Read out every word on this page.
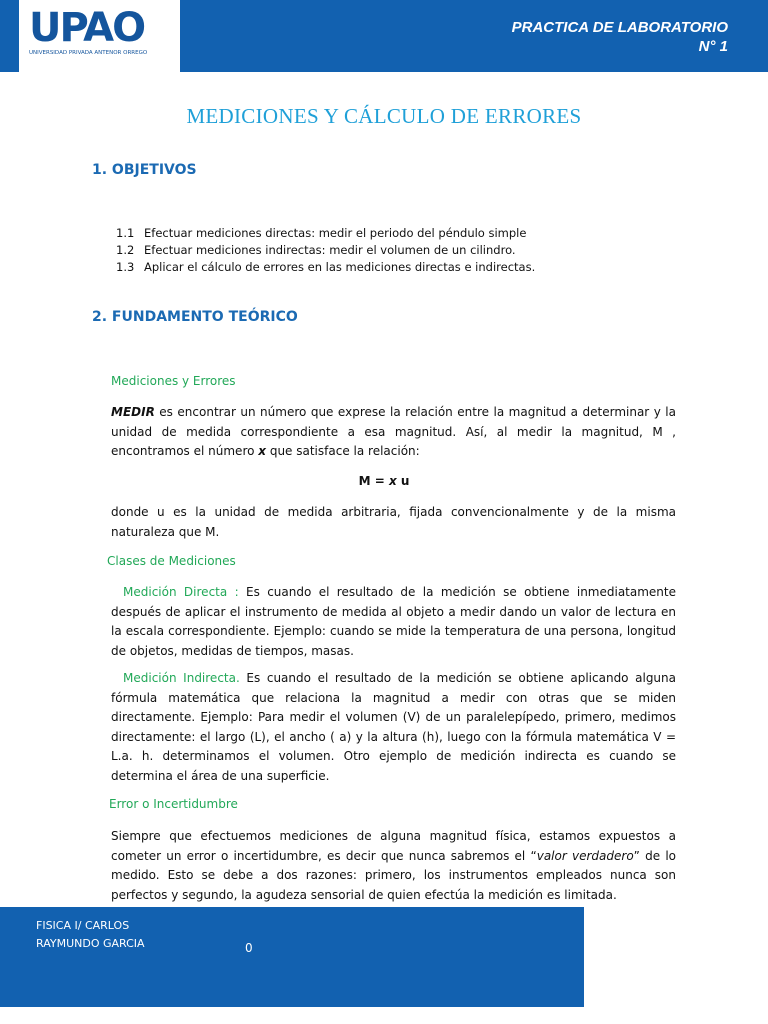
UPAO
UNIVERSIDAD PRIVADA ANTENOR ORREGO
PRACTICA DE LABORATORIO
N° 1
MEDICIONES Y CÁLCULO DE ERRORES
1. OBJETIVOS
1.1 Efectuar mediciones directas: medir el periodo del péndulo simple
1.2 Efectuar mediciones indirectas: medir el volumen de un cilindro.
1.3 Aplicar el cálculo de errores en las mediciones directas e indirectas.
2. FUNDAMENTO TEÓRICO
Mediciones y Errores
MEDIR es encontrar un número que exprese la relación entre la magnitud a determinar y la unidad de medida correspondiente a esa magnitud. Así, al medir la magnitud, M , encontramos el número x que satisface la relación:
M = x u
donde u es la unidad de medida arbitraria, fijada convencionalmente y de la misma naturaleza que M.
Clases de Mediciones
Medición Directa : Es cuando el resultado de la medición se obtiene inmediatamente después de aplicar el instrumento de medida al objeto a medir dando un valor de lectura en la escala correspondiente. Ejemplo: cuando se mide la temperatura de una persona, longitud de objetos, medidas de tiempos, masas.
Medición Indirecta. Es cuando el resultado de la medición se obtiene aplicando alguna fórmula matemática que relaciona la magnitud a medir con otras que se miden directamente. Ejemplo: Para medir el volumen (V) de un paralelepípedo, primero, medimos directamente: el largo (L), el ancho ( a) y la altura (h), luego con la fórmula matemática V = L.a. h. determinamos el volumen. Otro ejemplo de medición indirecta es cuando se determina el área de una superficie.
Error o Incertidumbre
Siempre que efectuemos mediciones de alguna magnitud física, estamos expuestos a cometer un error o incertidumbre, es decir que nunca sabremos el “valor verdadero” de lo medido. Esto se debe a dos razones: primero, los instrumentos empleados nunca son perfectos y segundo, la agudeza sensorial de quien efectúa la medición es limitada.
FISICA I/ CARLOS RAYMUNDO GARCIA	0
